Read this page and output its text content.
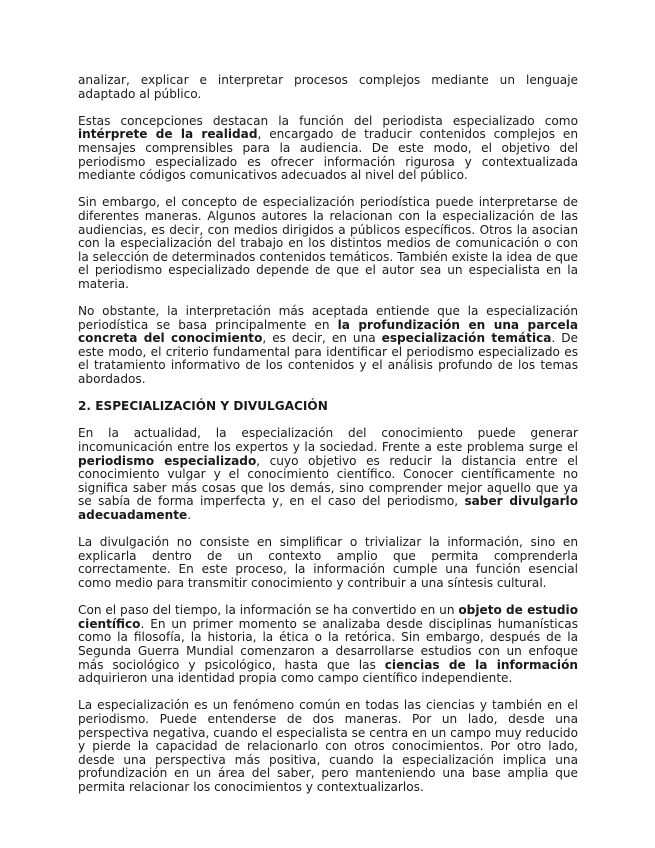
analizar, explicar e interpretar procesos complejos mediante un lenguaje adaptado al público.

Estas concepciones destacan la función del periodista especializado como intérprete de la realidad, encargado de traducir contenidos complejos en mensajes comprensibles para la audiencia. De este modo, el objetivo del periodismo especializado es ofrecer información rigurosa y contextualizada mediante códigos comunicativos adecuados al nivel del público.

Sin embargo, el concepto de especialización periodística puede interpretarse de diferentes maneras. Algunos autores la relacionan con la especialización de las audiencias, es decir, con medios dirigidos a públicos específicos. Otros la asocian con la especialización del trabajo en los distintos medios de comunicación o con la selección de determinados contenidos temáticos. También existe la idea de que el periodismo especializado depende de que el autor sea un especialista en la materia.

No obstante, la interpretación más aceptada entiende que la especialización periodística se basa principalmente en la profundización en una parcela concreta del conocimiento, es decir, en una especialización temática. De este modo, el criterio fundamental para identificar el periodismo especializado es el tratamiento informativo de los contenidos y el análisis profundo de los temas abordados.

2. ESPECIALIZACIÓN Y DIVULGACIÓN

En la actualidad, la especialización del conocimiento puede generar incomunicación entre los expertos y la sociedad. Frente a este problema surge el periodismo especializado, cuyo objetivo es reducir la distancia entre el conocimiento vulgar y el conocimiento científico. Conocer científicamente no significa saber más cosas que los demás, sino comprender mejor aquello que ya se sabía de forma imperfecta y, en el caso del periodismo, saber divulgarlo adecuadamente.

La divulgación no consiste en simplificar o trivializar la información, sino en explicarla dentro de un contexto amplio que permita comprenderla correctamente. En este proceso, la información cumple una función esencial como medio para transmitir conocimiento y contribuir a una síntesis cultural.

Con el paso del tiempo, la información se ha convertido en un objeto de estudio científico. En un primer momento se analizaba desde disciplinas humanísticas como la filosofía, la historia, la ética o la retórica. Sin embargo, después de la Segunda Guerra Mundial comenzaron a desarrollarse estudios con un enfoque más sociológico y psicológico, hasta que las ciencias de la información adquirieron una identidad propia como campo científico independiente.

La especialización es un fenómeno común en todas las ciencias y también en el periodismo. Puede entenderse de dos maneras. Por un lado, desde una perspectiva negativa, cuando el especialista se centra en un campo muy reducido y pierde la capacidad de relacionarlo con otros conocimientos. Por otro lado, desde una perspectiva más positiva, cuando la especialización implica una profundización en un área del saber, pero manteniendo una base amplia que permita relacionar los conocimientos y contextualizarlos.
